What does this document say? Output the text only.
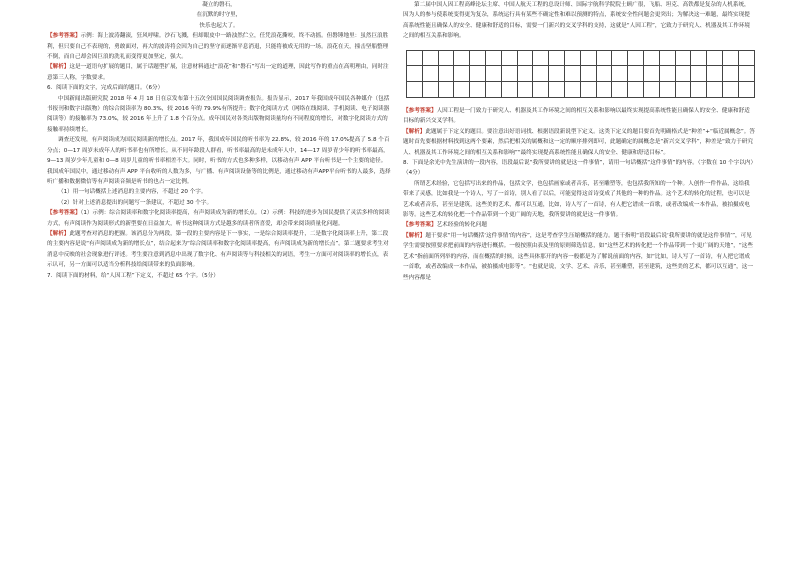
凝立的磐石，
在沉默的时守里，
快乐也起大了。

【参考答案】示例：海上波涛翻滚，狂风呼啸。沙石飞溅，但却眼皮中一路浊然伫立，任凭浪花撕咬，终不动摇。但磐锤地里：虽然巨浪胜利，但只要自己不表现的，勇敢面对，再大的波涛将会因为自己的坚守而逐渐平息消退，只能将被成无用的一场。浪花在天，撞击坚船整理不倒，而自己却会因巨浪的洗礼而变得更加坚定，强大。

【解析】这是一道语句扩展的题目，属于话题型扩展，注意材料通过“浪花”和“磐石”写出一定的道理，因此写作的重点在高明理由，同时注意第三人称，字数要求。

6．阅读下面的文字，完成后面的题目。（6分）

中国新闻出版研究院 2018 年 4 月 18 日在京发布第十五次全国国民阅读调查报告。报告显示，2017 年我国成年国民各种媒介（包括书报刊和数字出版物）的综合阅读率为 80.3%，较 2016 年的 79.9%有所提升；数字化阅读方式（网络在线阅读、手机阅读、电子阅读器阅读等）的接触率为 73.0%，较 2016 年上升了 1.8 个百分点。成年国民对各类出版物阅读量均有不同程度的增长，对数字化阅读方式的接触率持续增长。

调查还发现，有声阅读成为国民阅读新的增长点。2017 年，我国成年国民的听书率为 22.8%，较 2016 年的 17.0%提高了 5.8 个百分点；0—17 周岁未成年人的听书率也有所增长。从不同年龄段人群看，听书率最高的是未成年人中，14—17 周岁青少年的听书率最高，9—13 周岁少年儿童和 0—8 周岁儿童的听书率相差不大。同时，听书的方式也多种多样，以移动有声 APP 平台听书是一个主要的途径。我国成年国民中，通过移动有声 APP 平台收听的人数为多，与广播、有声阅读设备等的比例是，通过移动有声APP平台听书的人最多，选择听广播和数据微信等有声阅读音频是听书的也占一定比例。

（1）用一句话概括上述消息的主要内容，不超过 20 个字。

（2）针对上述消息提出的问题写一条建议，不超过 30 个字。

【参考答案】（1）示例：综合阅读率和数字化阅读率提高，有声阅读成为新的增长点。（2）示例：科技的进步为国民提供了灵活多样的阅读方式，有声阅读作为阅读形式的新型要在日益加大，听书这种阅读方式是越多的读者所喜爱，却会带来阅读质量化问题。

【解析】此题考查对消息的把握。该消息分为两段，第一段的主要内容是下一事实，一是综合阅读率提升，二是数字化阅读率上升，第二段的主要内容是说“有声阅读成为新的增长点”，结合起来为“综合阅读率和数字化阅读率提高，有声阅读成为新的增长点”。第二题要求考生对消息中反映的社会现象进行评述。考生要注意到消息中出现了数字化、有声阅读等与科技相关的词语，考生一方面可对阅读率的增长点，表示认可，另一方面可以适当分析科技给阅读带来的负面影响。

7．阅读下面的材料，给“人因工程”下定义，不超过 65 个字。（5分）

第二届中国人因工程高峰论坛主席、中国人航天工程的总设计师、国际宇航科学院院士顾广很，飞船、坦克、高铁都是复杂的人机系统，因为人的参与使系统变得更为复杂，系统运行具有某些不确定性和难以预测的特点，系统安全性问题会更突出；为解决这一难题，最终实现提高系统性能且确保人的安全、健康和舒适的目标，需要一门新兴的交叉学科的支持，这就是“人因工程”，它致力于研究人、机器及其工作环境之间的相互关系和影响。

【参考答案】人因工程是一门致力于研究人、机器及其工作环境之间的相互关系和影响以最终实现提高系统性能且确保人的安全、健康和舒适目标的新兴交叉学科。

【解析】此题属于下定义的题目。要注意出好语词找、根据语段新说型下定义。这类下定义的题目要首先明确格式是“种差”+“临近属概念”。答题时首先要根据材料找到这两个要素，然后把相关的属概和这一定的顺序排列即可，此题确定的属概念是“新兴交叉学科”，种差是“致力于研究人、机器及其工作环境之间的相互关系和影响”“最终实现提高系统性能且确保人的安全、健康和舒适目标”。

8．下面是余光中先生演讲的一段内容，语段最后说“我所要讲的就是这一件事情”，请用一句话概括“这件事情”的内容。（字数在 10 个字以内）（4分）

所谓艺术经验，它包括写出来的作品，包括文学，也包括画家或者音乐，甚至雕塑等，也包括我所知的一个种。人创作一件作品，这给我带来了灵感，比如我是一个诗人，写了一首诗，别人看了以后，可能觉得这首诗变成了其他的一种的作品。这个艺术的转化的过程，也可以是艺术或者音乐，甚至是建筑，这些美的艺术，都可以互通，比如，诗人写了一首诗，有人把它谱成一首歌，或者改编成一本作品，被拍摄成电影等。这些艺术的转化把一个作品带到一个更广阔的天地，我所要讲的就是这一件事情。

【参考答案】艺术经验的转化问题

【解析】题干要求“用一句话概括‘这件事情’的内容”，这是考查学生压缩概括的能力。题干指明“语段最后说‘我所要讲的就是这件事情’”，可见学生需要按照要求把前面的内容进行概括。一般按照由表及里的原则筛选信息，如“这些艺术的转化把一个作品带到一个更广阔的天地”，“这些艺术”指前面所列举的内容，而在概括的时候，这些具体那开的内容一般都是为了解说前面的内容，如“比如，诗人写了一首诗，有人把它谱成一首歌，或者改编成一本作品，被拍摄成电影等”。“也就是说，文学、艺术、音乐，甚至雕塑，甚至建筑，这些美的艺术，都可以互通”，这一些内容都是
